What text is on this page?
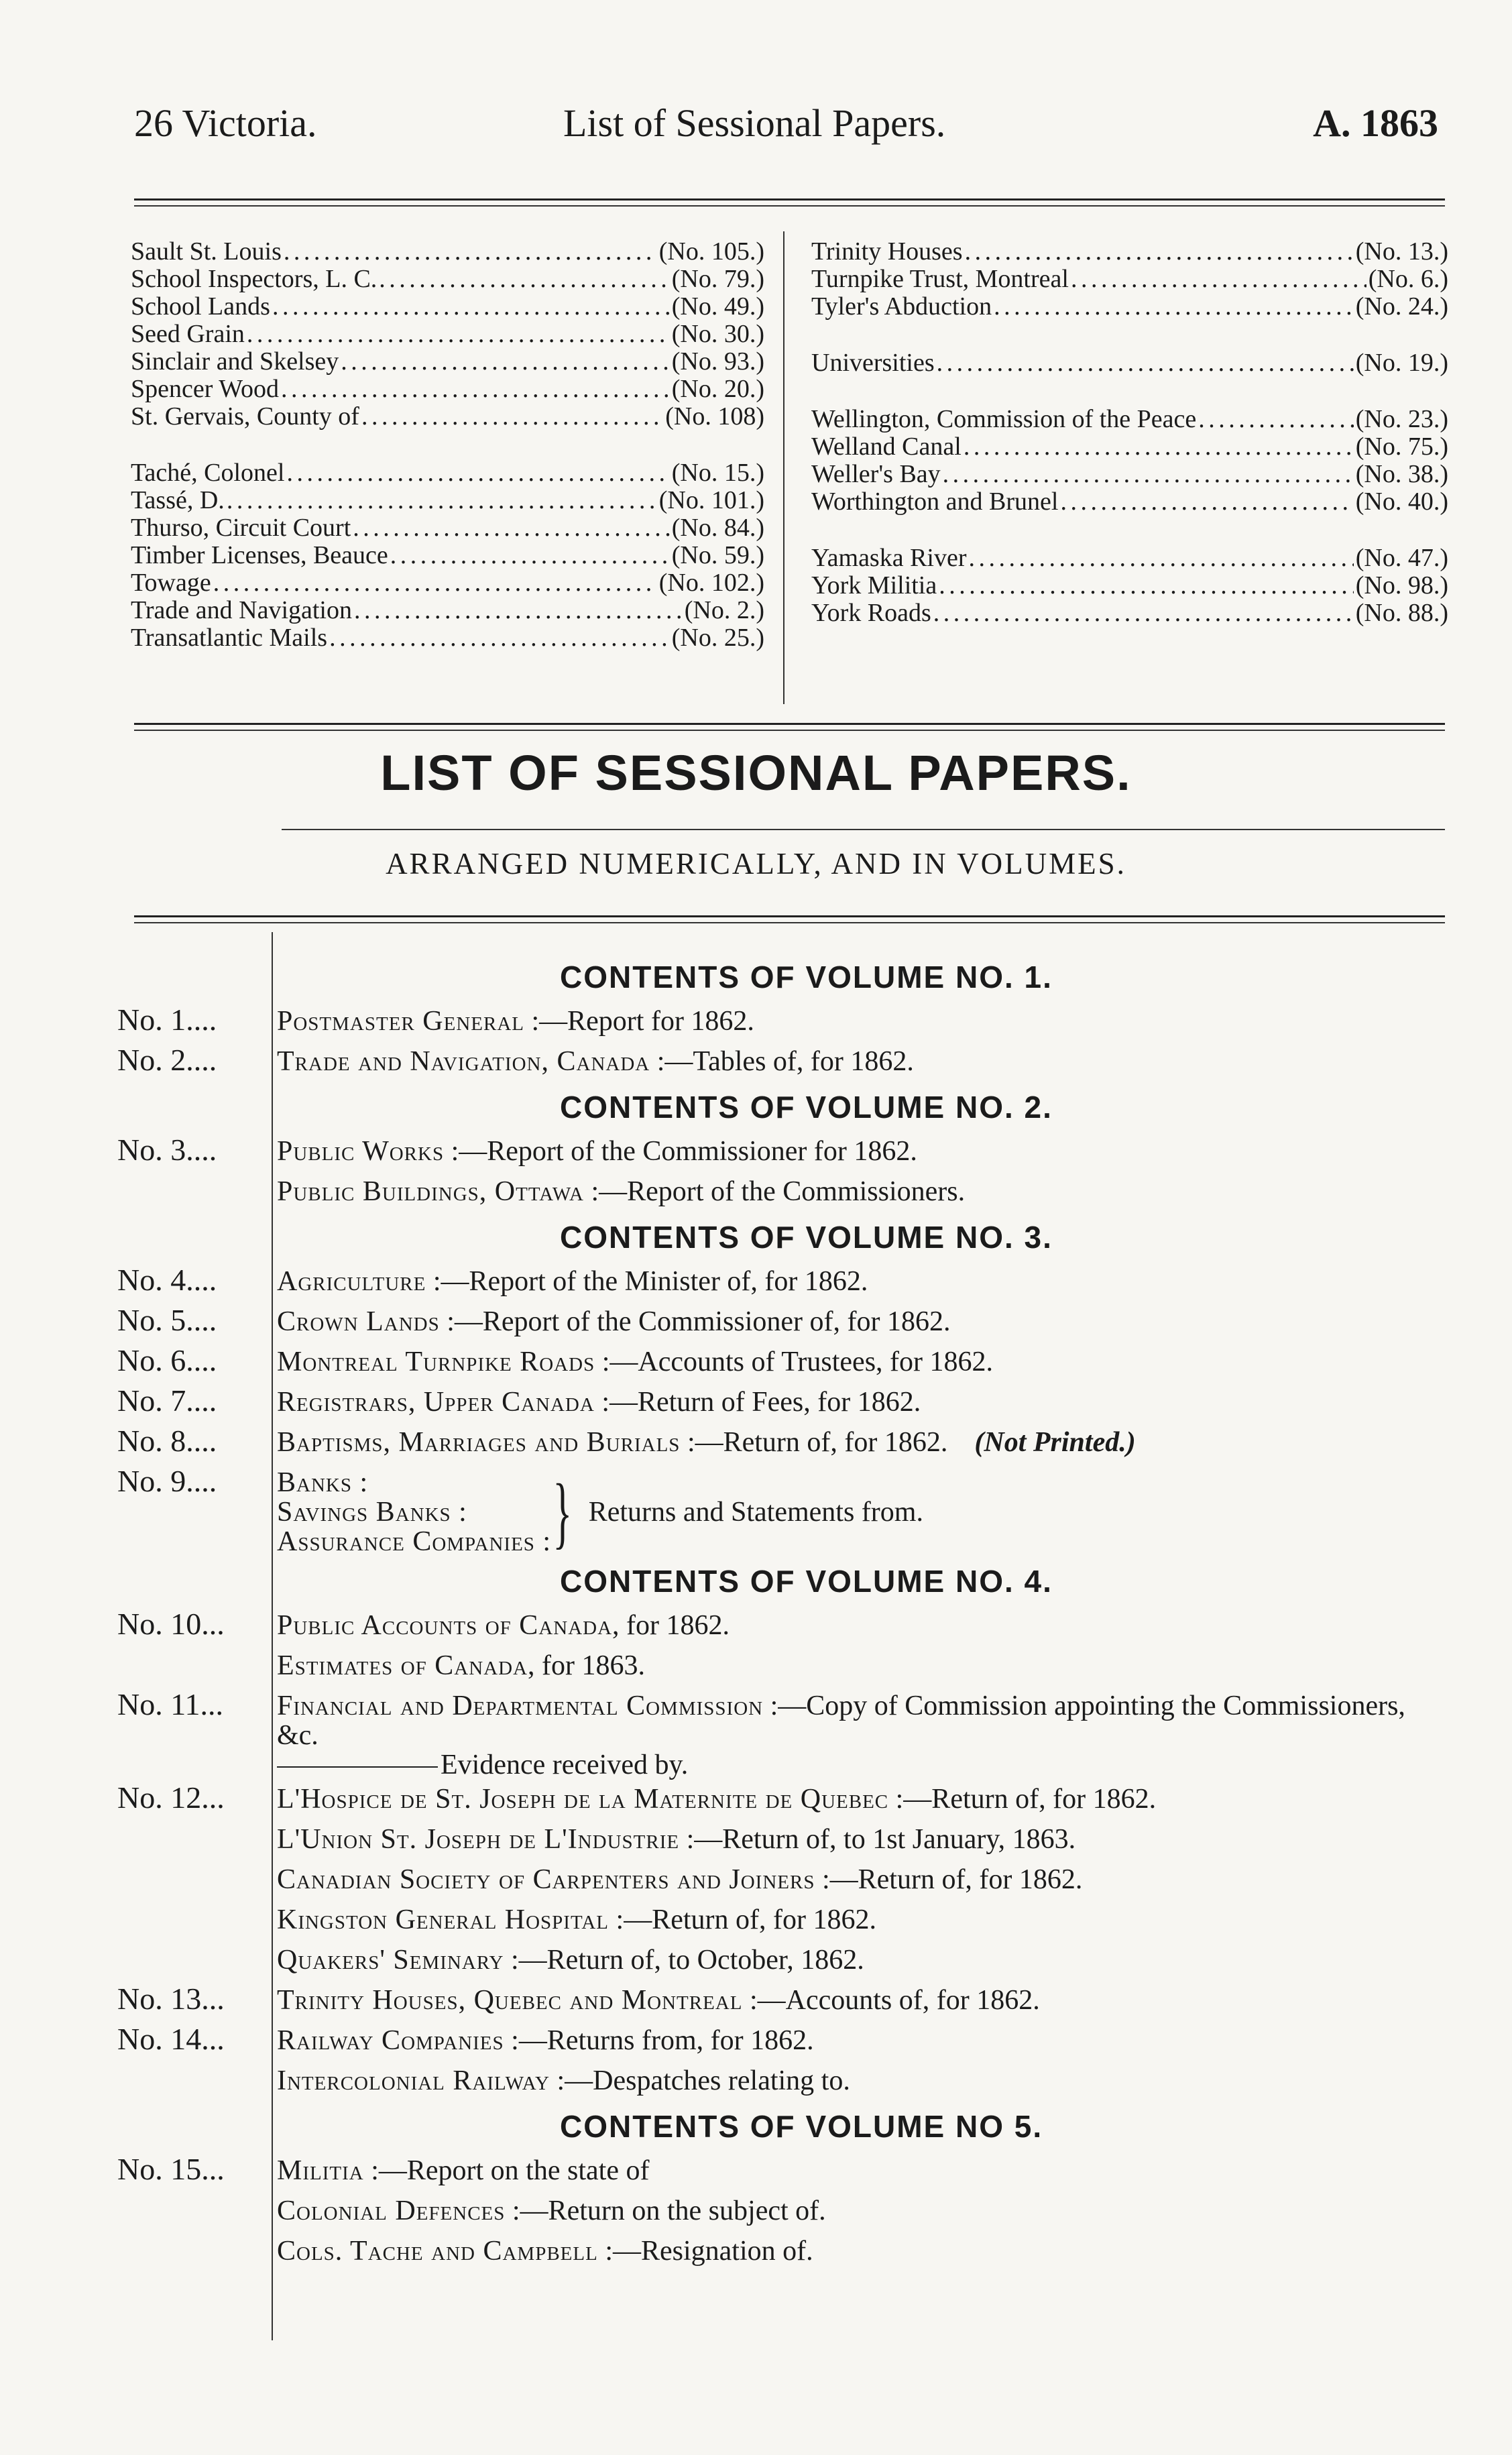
26 Victoria.	List of Sessional Papers.	A. 1863
Sault St. Louis . . .	(No. 105.)
School Inspectors, L. C. . . .	(No. 79.)
School Lands . . .	(No. 49.)
Seed Grain . . .	(No. 30.)
Sinclair and Skelsey . . .	(No. 93.)
Spencer Wood . . .	(No. 20.)
St. Gervais, County of . . .	(No. 108)
Taché, Colonel . . .	(No. 15.)
Tassé, D. . . .	(No. 101.)
Thurso, Circuit Court . . .	(No. 84.)
Timber Licenses, Beauce . . .	(No. 59.)
Towage . . .	(No. 102.)
Trade and Navigation . . .	(No. 2.)
Transatlantic Mails . . .	(No. 25.)
Trinity Houses . . .	(No. 13.)
Turnpike Trust, Montreal . . .	(No. 6.)
Tyler's Abduction . . .	(No. 24.)
Universities . . .	(No. 19.)
Wellington, Commission of the Peace . . .	(No. 23.)
Welland Canal . . .	(No. 75.)
Weller's Bay . . .	(No. 38.)
Worthington and Brunel . . .	(No. 40.)
Yamaska River . . .	(No. 47.)
York Militia . . .	(No. 98.)
York Roads . . .	(No. 88.)
LIST OF SESSIONAL PAPERS.
ARRANGED NUMERICALLY, AND IN VOLUMES.
CONTENTS OF VOLUME NO. 1.
No. 1....	Postmaster General :—Report for 1862.
No. 2....	Trade and Navigation, Canada :—Tables of, for 1862.
CONTENTS OF VOLUME NO. 2.
No. 3....	Public Works :—Report of the Commissioner for 1862.
Public Buildings, Ottawa :—Report of the Commissioners.
CONTENTS OF VOLUME NO. 3.
No. 4....	Agriculture :—Report of the Minister of, for 1862.
No. 5....	Crown Lands :—Report of the Commissioner of, for 1862.
No. 6....	Montreal Turnpike Roads :—Accounts of Trustees, for 1862.
No. 7....	Registrars, Upper Canada :—Return of Fees, for 1862.
No. 8....	Baptisms, Marriages and Burials :—Return of, for 1862. (Not Printed.)
No. 9....	Banks :
Savings Banks :
Assurance Companies : } Returns and Statements from.
CONTENTS OF VOLUME NO. 4.
No. 10...	Public Accounts of Canada, for 1862.
Estimates of Canada, for 1863.
No. 11...	Financial and Departmental Commission :—Copy of Commission appointing the Commissioners, &c.
Evidence received by.
No. 12...	L'Hospice de St. Joseph de la Maternite de Quebec :—Return of, for 1862.
L'Union St. Joseph de L'Industrie :—Return of, to 1st January, 1863.
Canadian Society of Carpenters and Joiners :—Return of, for 1862.
Kingston General Hospital :—Return of, for 1862.
Quakers' Seminary :—Return of, to October, 1862.
No. 13...	Trinity Houses, Quebec and Montreal :—Accounts of, for 1862.
No. 14...	Railway Companies :—Returns from, for 1862.
Intercolonial Railway :—Despatches relating to.
CONTENTS OF VOLUME NO 5.
No. 15...	Militia :—Report on the state of
Colonial Defences :—Return on the subject of.
Cols. Tache and Campbell :—Resignation of.
